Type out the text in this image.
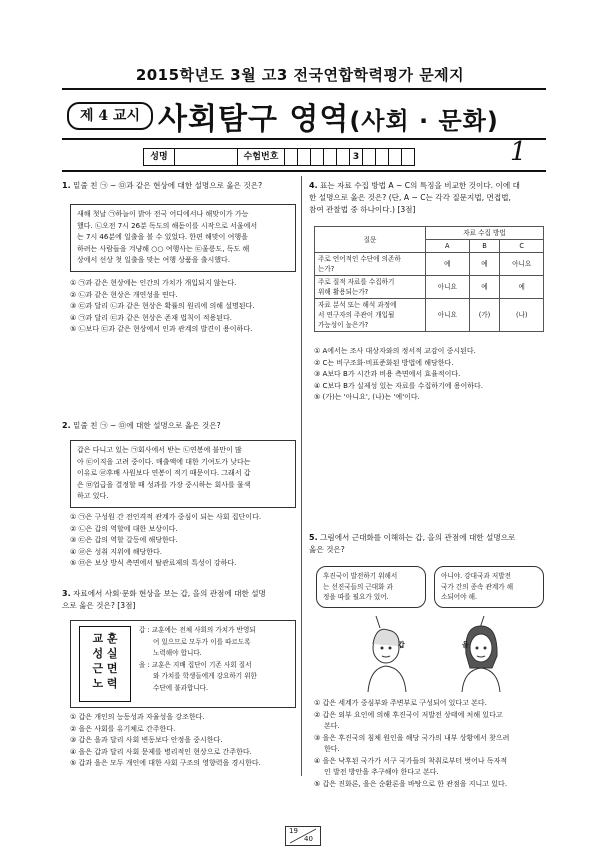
2015학년도 3월 고3 전국연합학력평가 문제지
제 4 교시 사회탐구 영역(사회 · 문화)
성명	수험번호	3	1
1. 밑줄 친 ㉠ ~ ㉤과 같은 현상에 대한 설명으로 옳은 것은?
새해 첫날 ㉠하늘이 밝아 전국 어디에서나 해맞이가 가능
했다. ㉡오전 7시 26분 독도의 해돋이를 시작으로 서울에서
는 7시 46분에 일출을 볼 수 있었다. 한편 해맞이 여행을
하려는 사람들을 겨냥해 ○○ 여행사는 ㉢울릉도, 독도 해
상에서 선상 첫 일출을 맞는 여행 상품을 출시했다.
① ㉠과 같은 현상에는 인간의 가치가 개입되지 않는다.
② ㉡과 같은 현상은 개연성을 띤다.
③ ㉢과 달리 ㉡과 같은 현상은 확률의 원리에 의해 설명된다.
④ ㉠과 달리 ㉢과 같은 현상은 존재 법칙이 적용된다.
⑤ ㉡보다 ㉢과 같은 현상에서 인과 관계의 발견이 용이하다.
2. 밑줄 친 ㉠ ~ ㉤에 대한 설명으로 옳은 것은?
갑은 다니고 있는 ㉠회사에서 받는 ㉡연봉에 불만이 많
아 ㉢이직을 고려 중이다. 매출액에 대한 기여도가 낮다는
이유로 ㉣후배 사원보다 연봉이 적기 때문이다. 그래서 갑
은 ㉤업급을 결정할 때 성과를 가장 중시하는 회사를 물색
하고 있다.
① ㉠은 구성원 간 전인격적 관계가 중심이 되는 사회 집단이다.
② ㉡은 갑의 역할에 대한 보상이다.
③ ㉢은 갑의 역할 갈등에 해당한다.
④ ㉣은 성취 지위에 해당한다.
⑤ ㉤은 보상 방식 측면에서 탈관료제의 특성이 강하다.
3. 자료에서 사회·문화 현상을 보는 갑, 을의 관점에 대한 설명
으로 옳은 것은? [3점]
교 훈
성 실
근 면
노 력
갑 : 교훈에는 전체 사회의 가치가 반영되
어 있으므로 모두가 이를 따르도록
노력해야 합니다.
을 : 교훈은 지배 집단이 기존 사회 질서
와 가치를 학생들에게 강요하기 위한
수단에 불과합니다.
① 갑은 개인의 능동성과 자율성을 강조한다.
② 을은 사회를 유기체로 간주한다.
③ 갑은 을과 달리 사회 변동보다 안정을 중시한다.
④ 을은 갑과 달리 사회 문제를 병리적인 현상으로 간주한다.
⑤ 갑과 을은 모두 개인에 대한 사회 구조의 영향력을 경시한다.
4. 표는 자료 수집 방법 A ~ C의 특징을 비교한 것이다. 이에 대
한 설명으로 옳은 것은? (단, A ~ C는 각각 질문지법, 면접법,
참여 관찰법 중 하나이다.) [3점]
질문	자료 수집 방법		
	A	B	C

주로 언어적인 수단에 의존하
는가?	예	예	아니요

주로 질적 자료를 수집하기
위해 활용되는가?	아니요	예	예

자료 분석 또는 해석 과정에
서 연구자의 주관이 개입될
가능성이 높은가?	아니요	(가)	(나)
① A에서는 조사 대상자와의 정서적 교감이 중시된다.
② C는 비구조화·비표준화된 방법에 해당한다.
③ A보다 B가 시간과 비용 측면에서 효율적이다.
④ C보다 B가 실제성 있는 자료를 수집하기에 용이하다.
⑤ (가)는 '아니요', (나)는 '예'이다.
5. 그림에서 근대화를 이해하는 갑, 을의 관점에 대한 설명으로
옳은 것은?
후진국이 발전하기 위해서
는 선진국들의 근대화 과
정을 따를 필요가 있어.
아니야. 강대국과 저발전
국가 간의 종속 관계가 해
소되어야 해.
갑	을
① 갑은 세계가 중심부와 주변부로 구성되어 있다고 본다.
② 갑은 외부 요인에 의해 후진국이 저발전 상태에 처해 있다고
본다.
③ 을은 후진국의 침체 원인을 해당 국가의 내부 상황에서 찾으려
한다.
④ 을은 낙후된 국가가 서구 국가들의 착취로부터 벗어나 독자적
인 발전 방안을 추구해야 한다고 본다.
⑤ 갑은 진화론, 을은 순환론을 바탕으로 한 관점을 지니고 있다.
19
40
